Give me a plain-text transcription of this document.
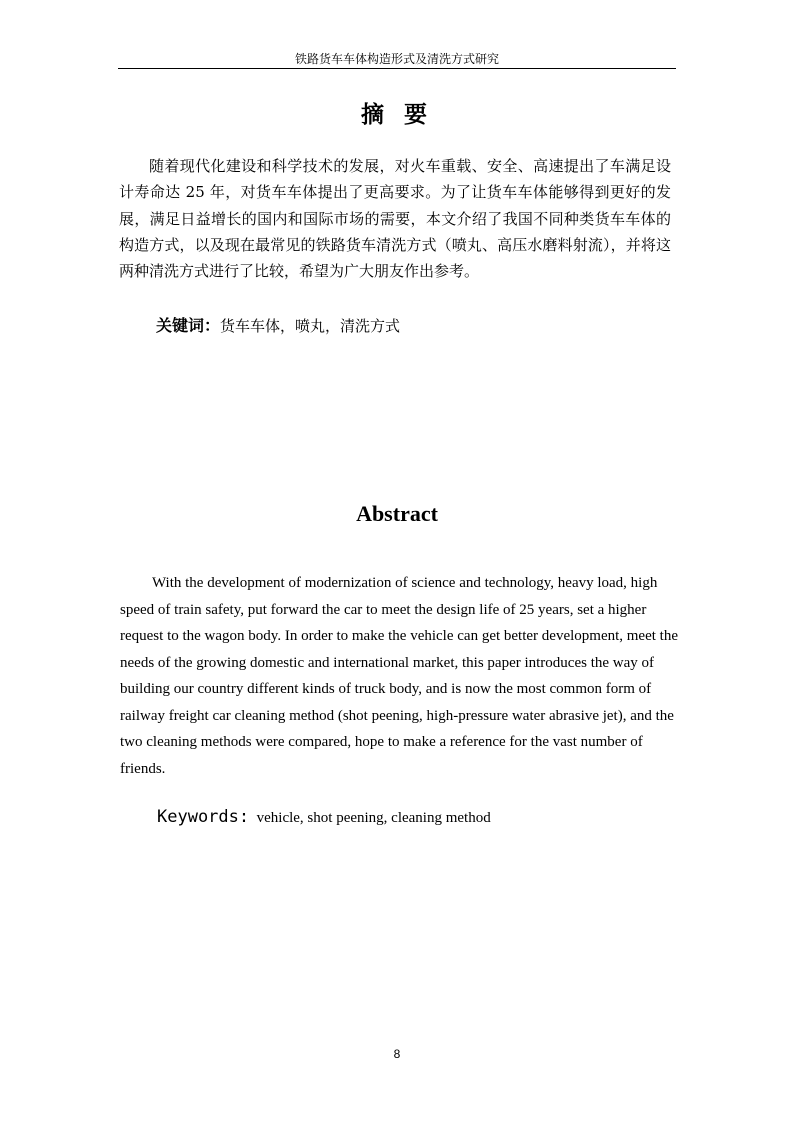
铁路货车车体构造形式及清洗方式研究
摘 要

随着现代化建设和科学技术的发展，对火车重载、安全、高速提出了车满足设计寿命达 25 年，对货车车体提出了更高要求。为了让货车车体能够得到更好的发展，满足日益增长的国内和国际市场的需要，本文介绍了我国不同种类货车车体的构造方式，以及现在最常见的铁路货车清洗方式（喷丸、高压水磨料射流），并将这两种清洗方式进行了比较，希望为广大朋友作出参考。

关键词：货车车体，喷丸，清洗方式
Abstract

With the development of modernization of science and technology, heavy load, high speed of train safety, put forward the car to meet the design life of 25 years, set a higher request to the wagon body. In order to make the vehicle can get better development, meet the needs of the growing domestic and international market, this paper introduces the way of building our country different kinds of truck body, and is now the most common form of railway freight car cleaning method (shot peening, high-pressure water abrasive jet), and the two cleaning methods were compared, hope to make a reference for the vast number of friends.

Keywords: vehicle, shot peening, cleaning method
8
